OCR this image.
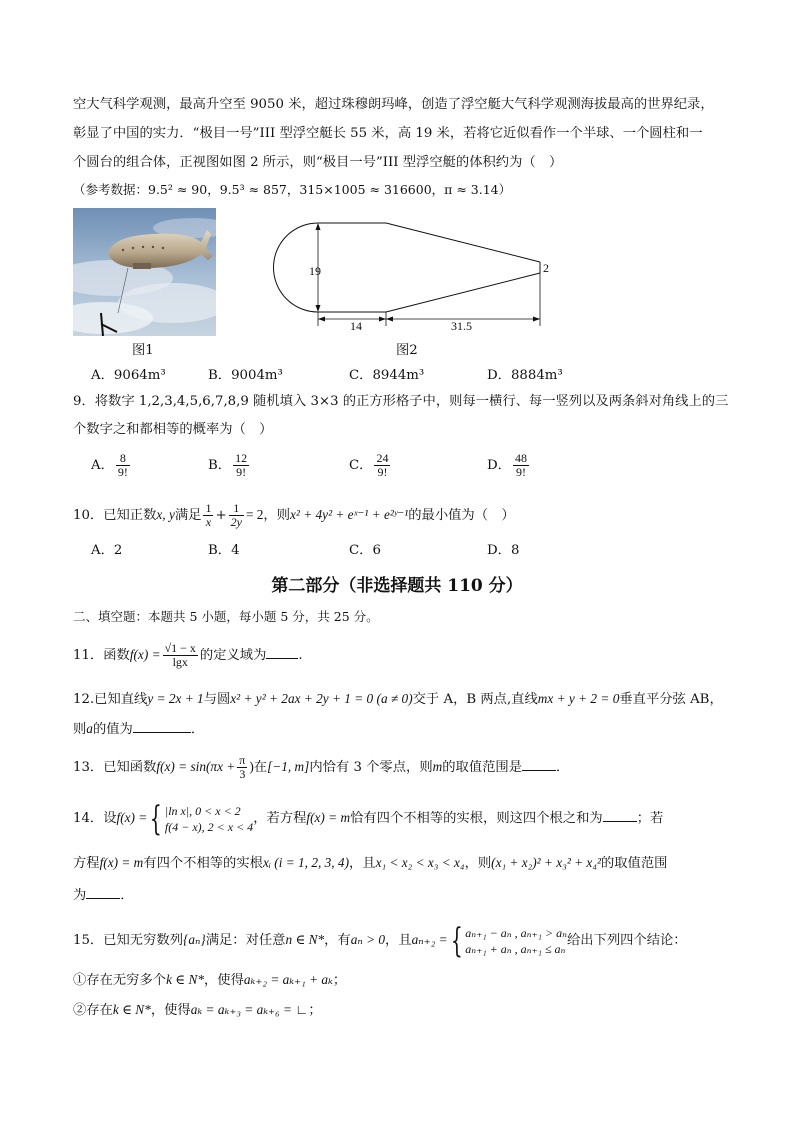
空大气科学观测，最高升空至 9050 米，超过珠穆朗玛峰，创造了浮空艇大气科学观测海拔最高的世界纪录，
彰显了中国的实力．“极目一号”III 型浮空艇长 55 米，高 19 米，若将它近似看作一个半球、一个圆柱和一
个圆台的组合体，正视图如图 2 所示，则“极目一号”III 型浮空艇的体积约为（　）
（参考数据：9.5² ≈ 90，9.5³ ≈ 857，315×1005 ≈ 316600，π ≈ 3.14）
图1
19	2
14	31.5
图2
A．9064m³	B．9004m³	C．8944m³	D．8884m³
9．将数字 1,2,3,4,5,6,7,8,9 随机填入 3×3 的正方形格子中，则每一横行、每一竖列以及两条斜对角线上的三
个数字之和都相等的概率为（　）
A． $\frac{8}{9!}$	B． $\frac{12}{9!}$	C． $\frac{24}{9!}$	D． $\frac{48}{9!}$
10．已知正数x, y满足 $\frac{1}{x} + \frac{1}{2y} = 2$，则x² + 4y² + eˣ⁻¹ + e²ʸ⁻¹的最小值为（　）
A．2	B．4	C．6	D．8
第二部分（非选择题共 110 分）
二、填空题：本题共 5 小题，每小题 5 分，共 25 分。
11．函数$f(x) = \frac{√1 - x}{\lg x}$ 的定义域为 .
12.已知直线y = 2x + 1与圆x² + y² + 2ax + 2y + 1 = 0 (a ≠ 0)交于 A，B 两点,直线mx + y + 2 = 0垂直平分弦 AB，
则a的值为	．
13．已知函数$f(x) = \sin(\pi x + \frac{\pi}{3}$ )在[−1, m]内恰有 3 个零点，则m的取值范围是	．
14．设f(x) ={ |ln x|, 0 < x < 2
f(4 − x), 2 < x < 4
，若方程f(x) = m恰有四个不相等的实根，则这四个根之和为	；若
方程f(x) = m有四个不相等的实根xᵢ (i = 1, 2, 3, 4)，且x₁ < x₂ < x₃ < x₄，则(x₁ + x₂)² + x₃² + x₄²的取值范围
为	．
15．已知无穷数列{aₙ}满足：对任意n ∈ N*，有aₙ > 0，且aₙ₊₂ ={ aₙ₊₁ − aₙ , aₙ₊₁ > aₙ
aₙ₊₁ + aₙ , aₙ₊₁ ≤ aₙ
给出下列四个结论：
①存在无穷多个k ∈ N*，使得aₖ₊₂ = aₖ₊₁ + aₖ；
②存在k ∈ N*，使得aₖ = aₖ₊₃ = aₖ₊₆ = ∟；
